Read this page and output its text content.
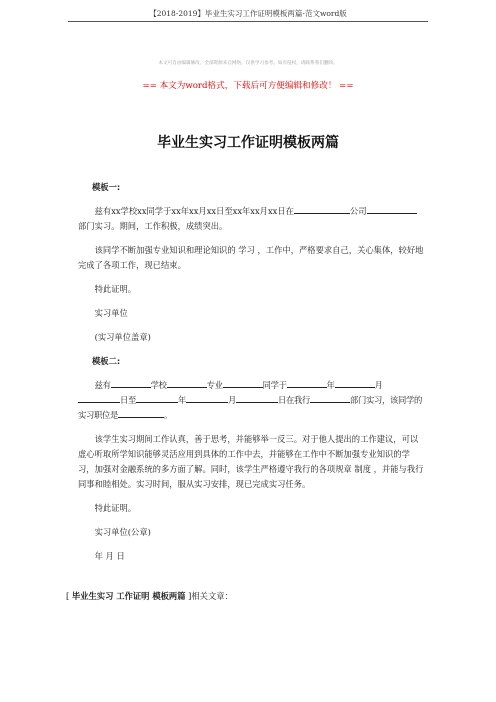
【2018-2019】毕业生实习工作证明模板两篇-范文word版
本文可自由编辑修改，全部资源来自网络，仅供学习参考。如有侵权，请联系我们删除。
== 本文为word格式，下载后可方便编辑和修改！ ==
毕业生实习工作证明模板两篇

模板一:

兹有xx学校xx同学于xx年xx月xx日至xx年xx月xx日在	公司部门实习。期间，工作积极，成绩突出。

该同学不断加强专业知识和理论知识的 学习 ，工作中，严格要求自己，关心集体，较好地完成了各项工作，现已结束。

特此证明。

实习单位

(实习单位盖章)

模板二:

兹有	学校	专业	同学于	年	月日至	年	月	日在我行	部门实习，该同学的实习职位是	。

该学生实习期间工作认真，善于思考，并能够举一反三。对于他人提出的工作建议，可以虚心听取所学知识能够灵活应用到具体的工作中去，并能够在工作中不断加强专业知识的学习，加强对金融系统的多方面了解。同时，该学生严格遵守我行的各项规章 制度 ，并能与我行同事和睦相处。实习时间，服从实习安排，现已完成实习任务。

特此证明。

实习单位(公章)

年 月 日

[ 毕业生实习 工作证明 模板两篇 ]相关文章：
